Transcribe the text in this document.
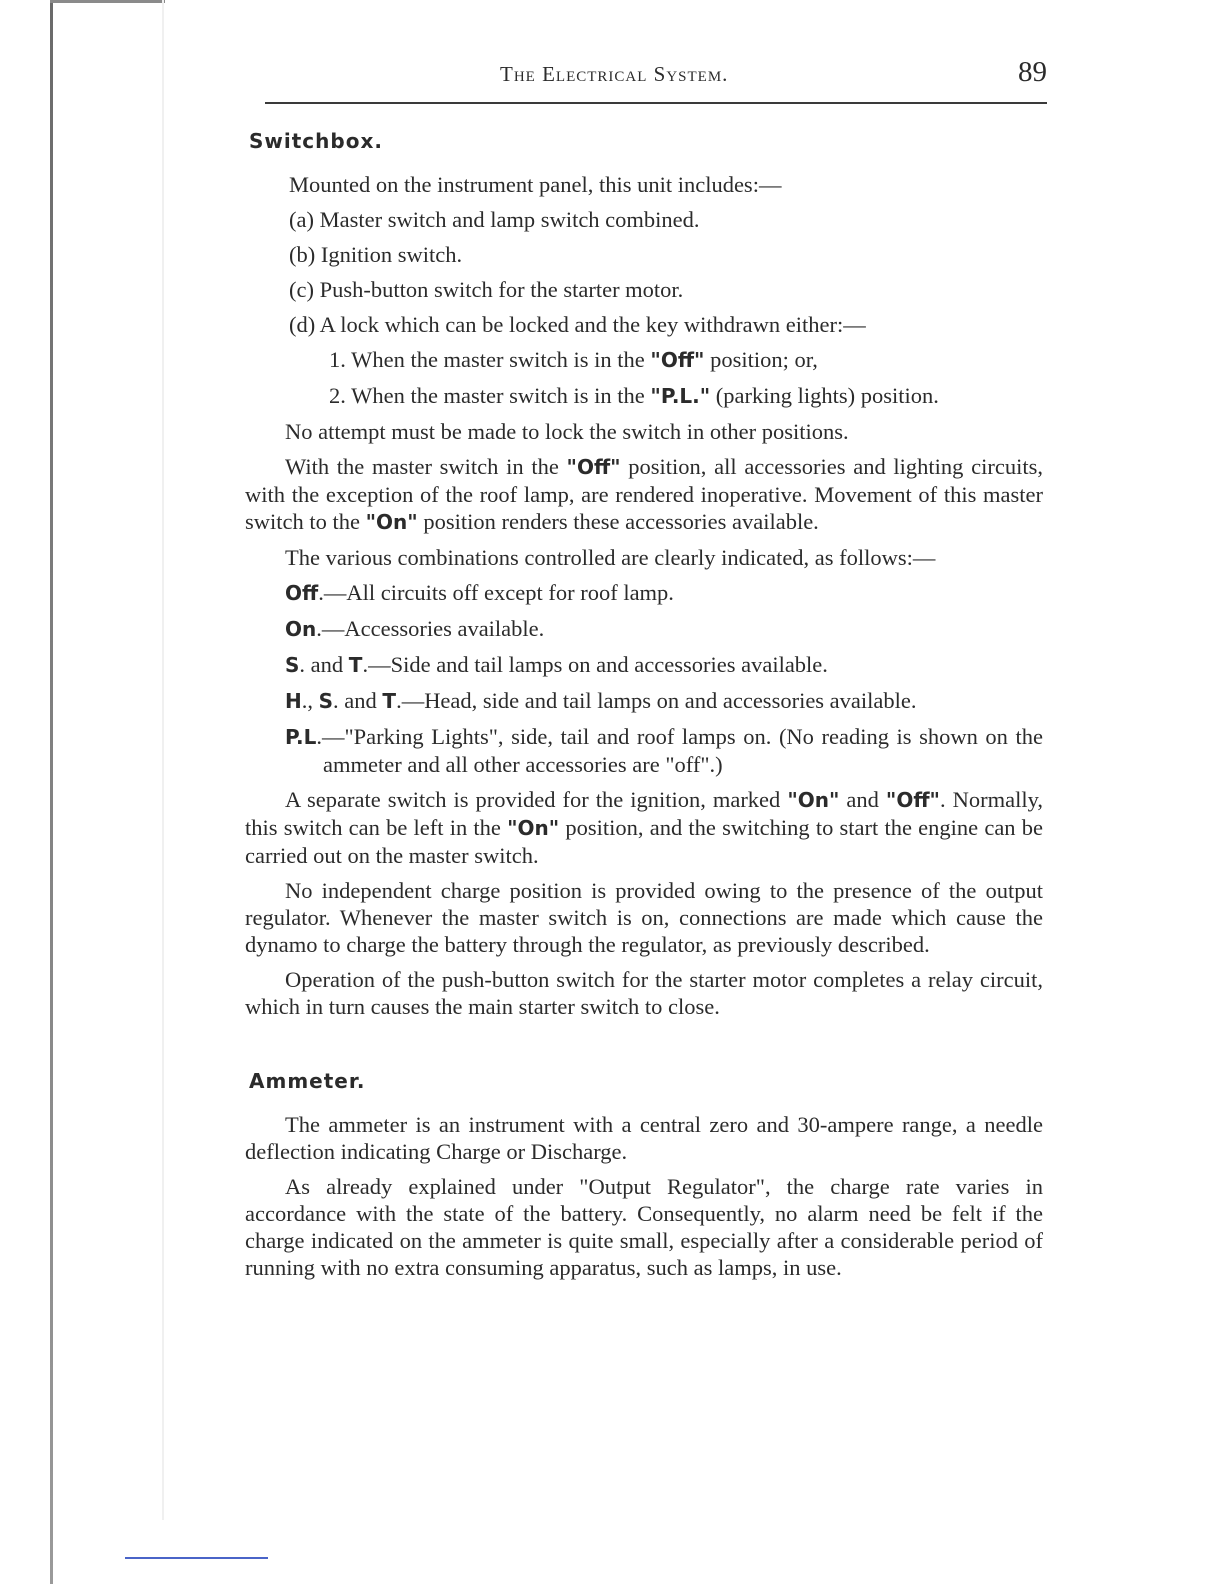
The Electrical System.	89
Switchbox.
Mounted on the instrument panel, this unit includes:—
(a) Master switch and lamp switch combined.
(b) Ignition switch.
(c) Push-button switch for the starter motor.
(d) A lock which can be locked and the key withdrawn either:—
1. When the master switch is in the "Off" position; or,
2. When the master switch is in the "P.L." (parking lights) position.
No attempt must be made to lock the switch in other positions.
With the master switch in the "Off" position, all accessories and lighting circuits, with the exception of the roof lamp, are rendered inoperative. Movement of this master switch to the "On" position renders these accessories available.
The various combinations controlled are clearly indicated, as follows:—
Off.—All circuits off except for roof lamp.
On.—Accessories available.
S. and T.—Side and tail lamps on and accessories available.
H., S. and T.—Head, side and tail lamps on and accessories available.
P.L.—"Parking Lights", side, tail and roof lamps on. (No reading is shown on the ammeter and all other accessories are "off".)
A separate switch is provided for the ignition, marked "On" and "Off". Normally, this switch can be left in the "On" position, and the switching to start the engine can be carried out on the master switch.
No independent charge position is provided owing to the presence of the output regulator. Whenever the master switch is on, connections are made which cause the dynamo to charge the battery through the regulator, as previously described.
Operation of the push-button switch for the starter motor completes a relay circuit, which in turn causes the main starter switch to close.
Ammeter.
The ammeter is an instrument with a central zero and 30-ampere range, a needle deflection indicating Charge or Discharge.
As already explained under "Output Regulator", the charge rate varies in accordance with the state of the battery. Consequently, no alarm need be felt if the charge indicated on the ammeter is quite small, especially after a considerable period of running with no extra consuming apparatus, such as lamps, in use.
